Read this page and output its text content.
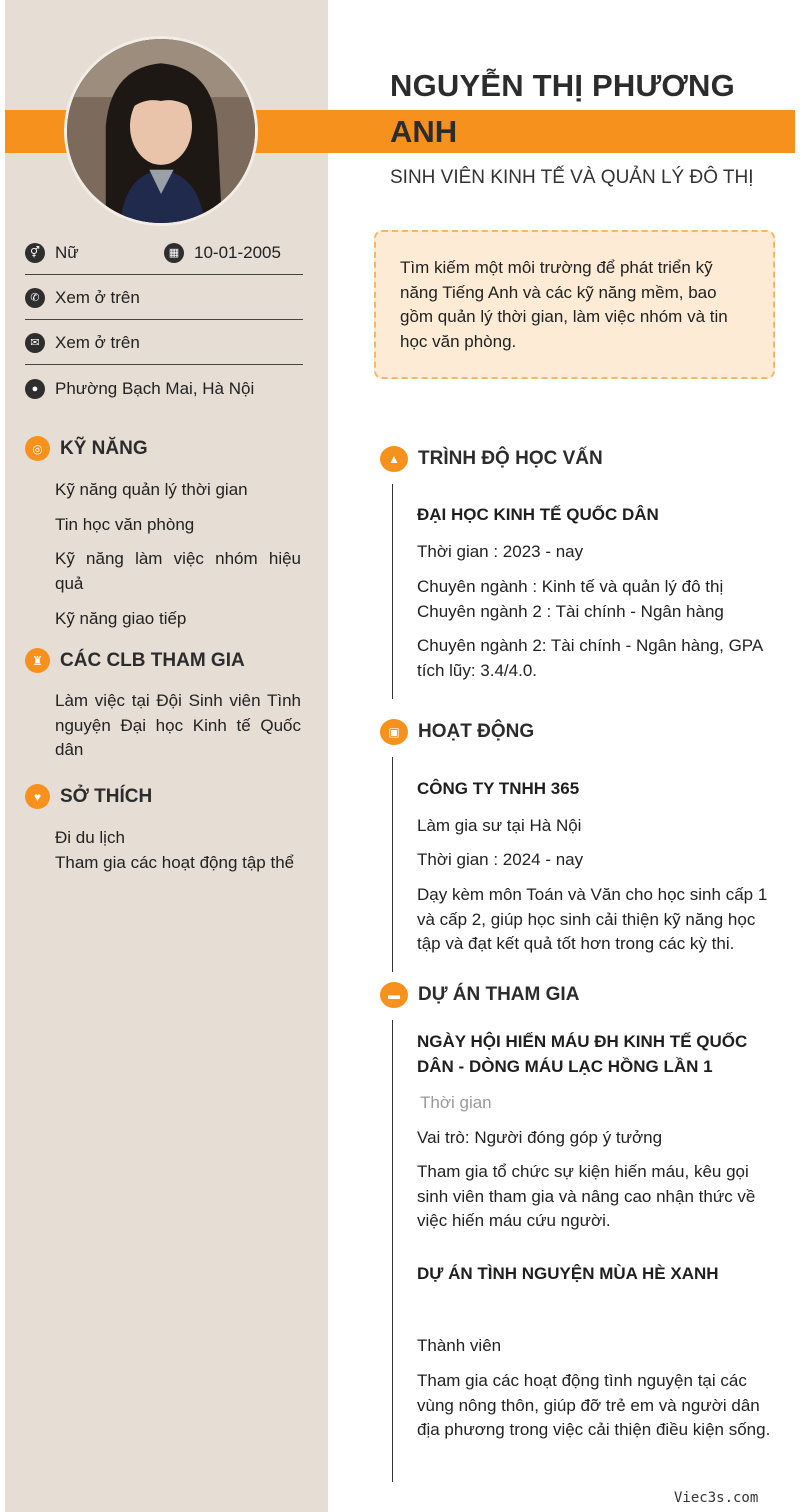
NGUYỄN THỊ PHƯƠNG
ANH
SINH VIÊN KINH TẾ VÀ QUẢN LÝ ĐÔ THỊ
⚥ Nữ	▦ 10-01-2005
✆ Xem ở trên
✉ Xem ở trên
● Phường Bạch Mai, Hà Nội
◎ KỸ NĂNG
Kỹ năng quản lý thời gian
Tin học văn phòng
Kỹ năng làm việc nhóm hiệu quả
Kỹ năng giao tiếp
♜ CÁC CLB THAM GIA
Làm việc tại Đội Sinh viên Tình nguyện Đại học Kinh tế Quốc dân
♥ SỞ THÍCH
Đi du lịch
Tham gia các hoạt động tập thể
Tìm kiếm một môi trường để phát triển kỹ năng Tiếng Anh và các kỹ năng mềm, bao gồm quản lý thời gian, làm việc nhóm và tin học văn phòng.
▲ TRÌNH ĐỘ HỌC VẤN
ĐẠI HỌC KINH TẾ QUỐC DÂN
Thời gian : 2023 - nay
Chuyên ngành : Kinh tế và quản lý đô thị
Chuyên ngành 2 : Tài chính - Ngân hàng
Chuyên ngành 2: Tài chính - Ngân hàng, GPA tích lũy: 3.4/4.0.
▣ HOẠT ĐỘNG
CÔNG TY TNHH 365
Làm gia sư tại Hà Nội
Thời gian : 2024 - nay
Dạy kèm môn Toán và Văn cho học sinh cấp 1 và cấp 2, giúp học sinh cải thiện kỹ năng học tập và đạt kết quả tốt hơn trong các kỳ thi.
▬ DỰ ÁN THAM GIA
NGÀY HỘI HIẾN MÁU ĐH KINH TẾ QUỐC DÂN - DÒNG MÁU LẠC HỒNG LẦN 1
Thời gian
Vai trò: Người đóng góp ý tưởng
Tham gia tổ chức sự kiện hiến máu, kêu gọi sinh viên tham gia và nâng cao nhận thức về việc hiến máu cứu người.
DỰ ÁN TÌNH NGUYỆN MÙA HÈ XANH
Thành viên
Tham gia các hoạt động tình nguyện tại các vùng nông thôn, giúp đỡ trẻ em và người dân địa phương trong việc cải thiện điều kiện sống.
Viec3s.com
